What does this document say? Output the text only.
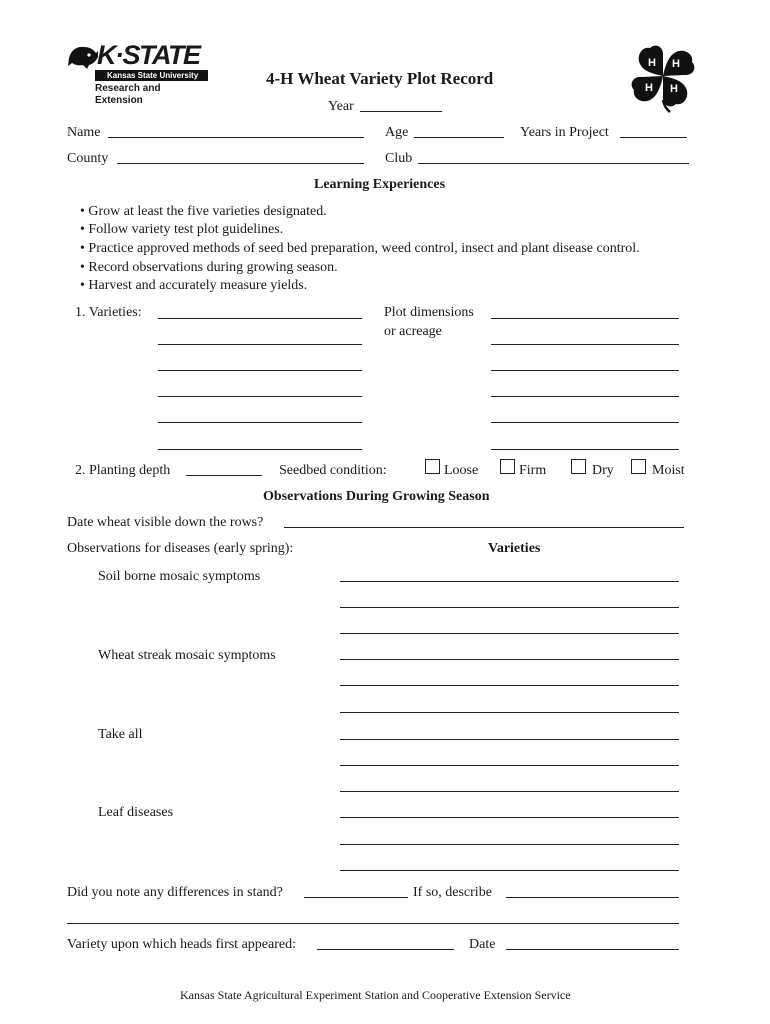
K·STATE
Kansas State University
Research and Extension
4-H Wheat Variety Plot Record
H H
H
H
Year
Name	Age	Years in Project
County	Club
Learning Experiences
• Grow at least the five varieties designated.
• Follow variety test plot guidelines.
• Practice approved methods of seed bed preparation, weed control, insect and plant disease control.
• Record observations during growing season.
• Harvest and accurately measure yields.
1. Varieties:	Plot dimensions
or acreage
2. Planting depth	Seedbed condition:	Loose	Firm	Dry	Moist
Observations During Growing Season
Date wheat visible down the rows?
Observations for diseases (early spring):	Varieties
Soil borne mosaic symptoms
Wheat streak mosaic symptoms
Take all
Leaf diseases
Did you note any differences in stand?	If so, describe
Variety upon which heads first appeared:	Date
Kansas State Agricultural Experiment Station and Cooperative Extension Service
